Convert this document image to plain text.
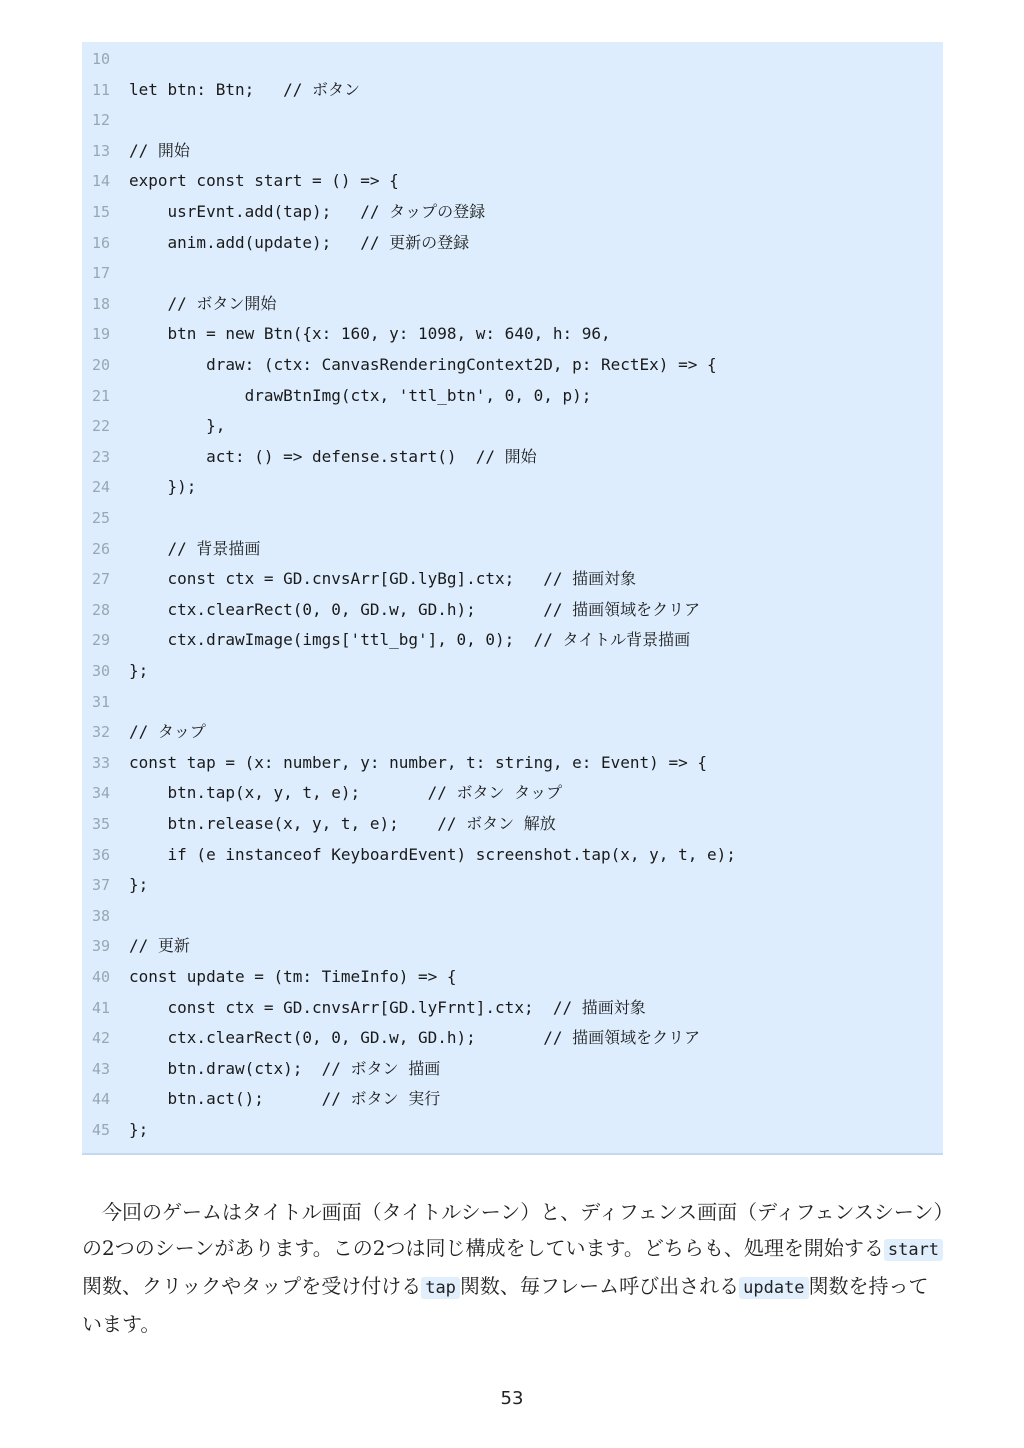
10
11 let btn: Btn;   // ボタン
12
13 // 開始
14 export const start = () => {
15 usrEvnt.add(tap);   // タップの登録
16 anim.add(update);   // 更新の登録
17
18 // ボタン開始
19 btn = new Btn({x: 160, y: 1098, w: 640, h: 96,
20 draw: (ctx: CanvasRenderingContext2D, p: RectEx) => {
21 drawBtnImg(ctx, 'ttl_btn', 0, 0, p);
22 },
23 act: () => defense.start()  // 開始
24 });
25
26 // 背景描画
27 const ctx = GD.cnvsArr[GD.lyBg].ctx;   // 描画対象
28 ctx.clearRect(0, 0, GD.w, GD.h);       // 描画領域をクリア
29 ctx.drawImage(imgs['ttl_bg'], 0, 0);  // タイトル背景描画
30 };
31
32 // タップ
33 const tap = (x: number, y: number, t: string, e: Event) => {
34 btn.tap(x, y, t, e);       // ボタン タップ
35 btn.release(x, y, t, e);    // ボタン 解放
36 if (e instanceof KeyboardEvent) screenshot.tap(x, y, t, e);
37 };
38
39 // 更新
40 const update = (tm: TimeInfo) => {
41 const ctx = GD.cnvsArr[GD.lyFrnt].ctx;  // 描画対象
42 ctx.clearRect(0, 0, GD.w, GD.h);       // 描画領域をクリア
43 btn.draw(ctx);  // ボタン 描画
44 btn.act();      // ボタン 実行
45 };

今回のゲームはタイトル画面（タイトルシーン）と、ディフェンス画面（ディフェンスシーン）の2つのシーンがあります。この2つは同じ構成をしています。どちらも、処理を開始する start関数、クリックやタップを受け付ける tap 関数、毎フレーム呼び出される update 関数を持っています。

53
